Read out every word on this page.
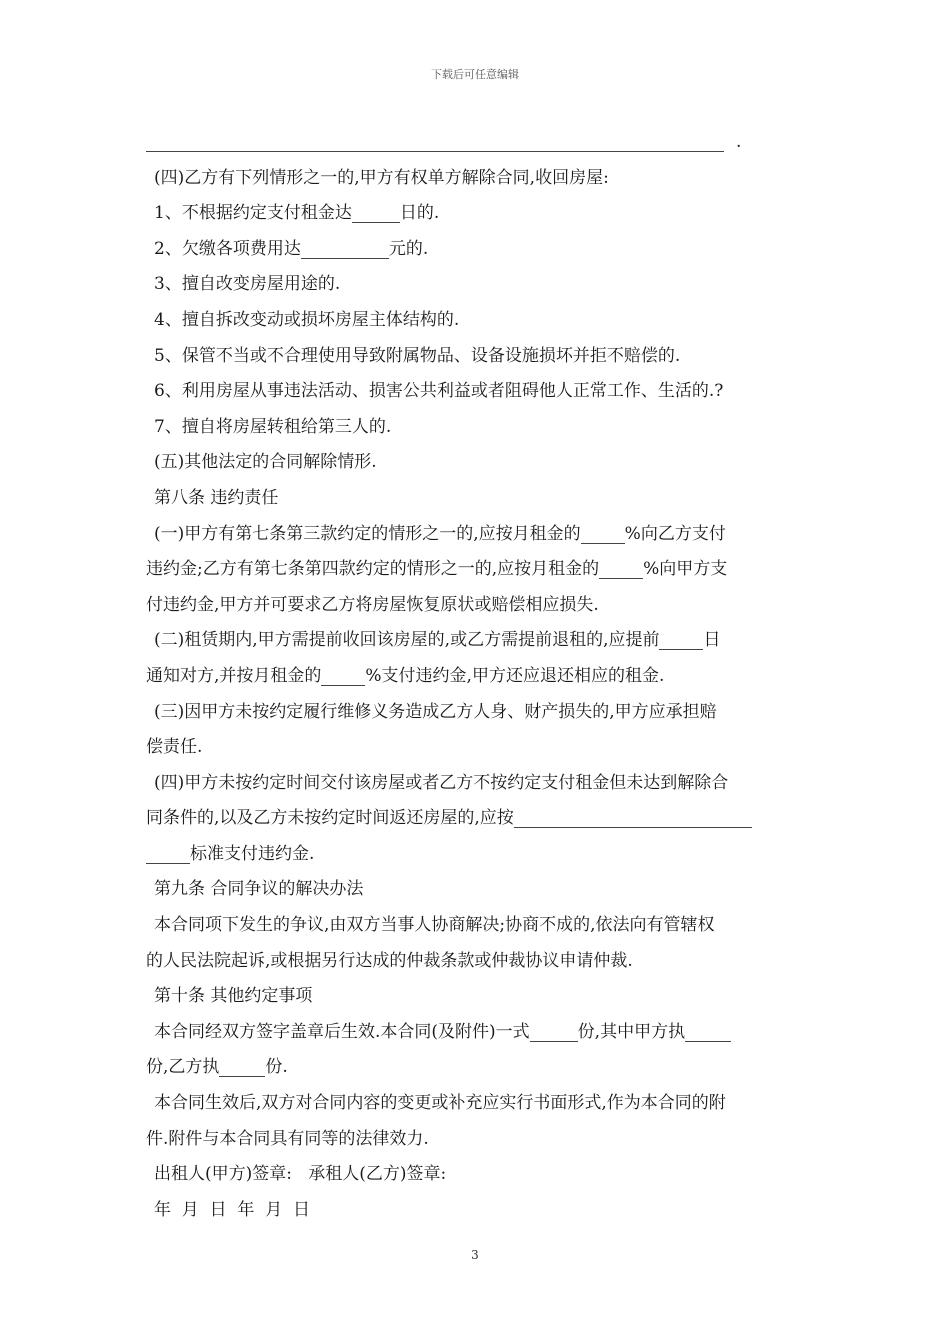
下载后可任意编辑
.
(四)乙方有下列情形之一的,甲方有权单方解除合同,收回房屋:
1、不根据约定支付租金达	日的.
2、欠缴各项费用达	元的.
3、擅自改变房屋用途的.
4、擅自拆改变动或损坏房屋主体结构的.
5、保管不当或不合理使用导致附属物品、设备设施损坏并拒不赔偿的.
6、利用房屋从事违法活动、损害公共利益或者阻碍他人正常工作、生活的.?
7、擅自将房屋转租给第三人的.
(五)其他法定的合同解除情形.
第八条 违约责任
(一)甲方有第七条第三款约定的情形之一的,应按月租金的	%向乙方支付
违约金;乙方有第七条第四款约定的情形之一的,应按月租金的	%向甲方支
付违约金,甲方并可要求乙方将房屋恢复原状或赔偿相应损失.
(二)租赁期内,甲方需提前收回该房屋的,或乙方需提前退租的,应提前	日
通知对方,并按月租金的	%支付违约金,甲方还应退还相应的租金.
(三)因甲方未按约定履行维修义务造成乙方人身、财产损失的,甲方应承担赔
偿责任.
(四)甲方未按约定时间交付该房屋或者乙方不按约定支付租金但未达到解除合
同条件的,以及乙方未按约定时间返还房屋的,应按
标准支付违约金.
第九条 合同争议的解决办法
本合同项下发生的争议,由双方当事人协商解决;协商不成的,依法向有管辖权
的人民法院起诉,或根据另行达成的仲裁条款或仲裁协议申请仲裁.
第十条 其他约定事项
本合同经双方签字盖章后生效.本合同(及附件)一式	份,其中甲方执
份,乙方执	份.
本合同生效后,双方对合同内容的变更或补充应实行书面形式,作为本合同的附
件.附件与本合同具有同等的法律效力.
出租人(甲方)签章:   承租人(乙方)签章:
年  月  日  年  月  日
3
